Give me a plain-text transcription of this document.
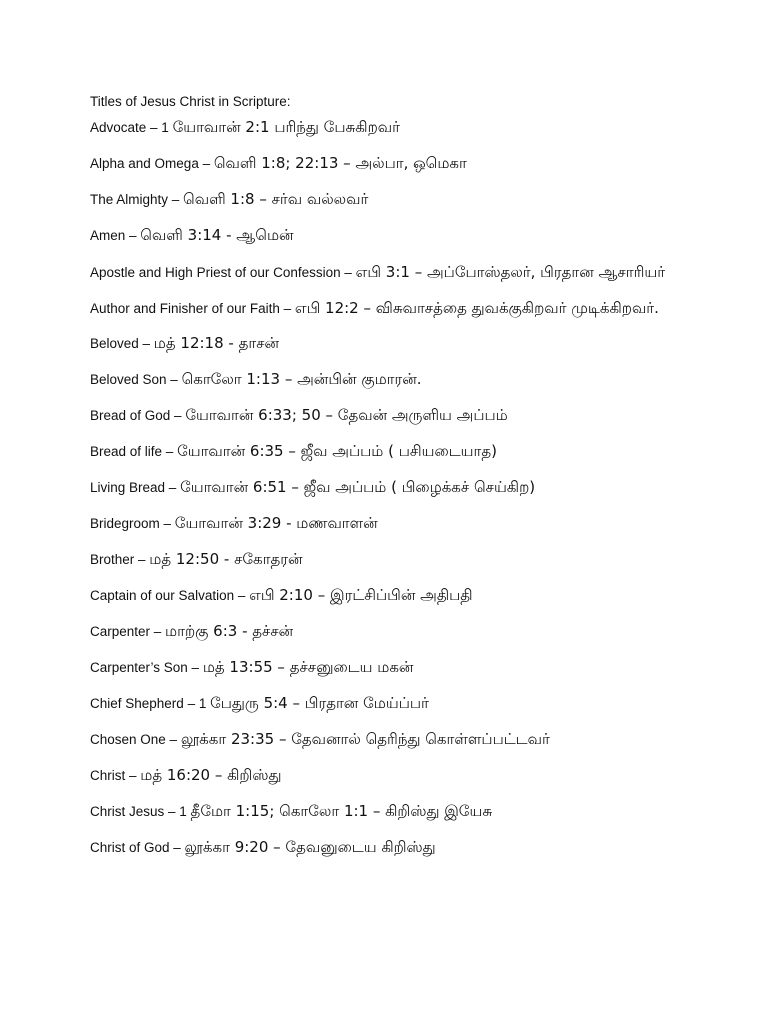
Titles of Jesus Christ in Scripture:

Advocate – 1 யோவான் 2:1 பரிந்து பேசுகிறவர்

Alpha and Omega – வெளி 1:8; 22:13 – அல்பா, ஒமெகா

The Almighty – வெளி 1:8 – சர்வ வல்லவர்

Amen – வெளி 3:14 - ஆமென்

Apostle and High Priest of our Confession – எபி 3:1 – அப்போஸ்தலர், பிரதான ஆசாரியர்

Author and Finisher of our Faith – எபி 12:2 – விசுவாசத்தை துவக்குகிறவர் முடிக்கிறவர்.

Beloved – மத் 12:18 - தாசன்

Beloved Son – கொலோ 1:13 – அன்பின் குமாரன்.

Bread of God – யோவான் 6:33; 50 – தேவன் அருளிய அப்பம்

Bread of life – யோவான் 6:35 – ஜீவ அப்பம் ( பசியடையாத)

Living Bread – யோவான் 6:51 – ஜீவ அப்பம் ( பிழைக்கச் செய்கிற)

Bridegroom – யோவான் 3:29 - மணவாளன்

Brother – மத் 12:50 - சகோதரன்

Captain of our Salvation – எபி 2:10 – இரட்சிப்பின் அதிபதி

Carpenter – மாற்கு 6:3 - தச்சன்

Carpenter’s Son – மத் 13:55 – தச்சனுடைய மகன்

Chief Shepherd – 1 பேதுரு 5:4 – பிரதான மேய்ப்பர்

Chosen One – லூக்கா 23:35 – தேவனால் தெரிந்து கொள்ளப்பட்டவர்

Christ – மத் 16:20 – கிறிஸ்து

Christ Jesus – 1 தீமோ 1:15; கொலோ 1:1 – கிறிஸ்து இயேசு

Christ of God – லூக்கா 9:20 – தேவனுடைய கிறிஸ்து
